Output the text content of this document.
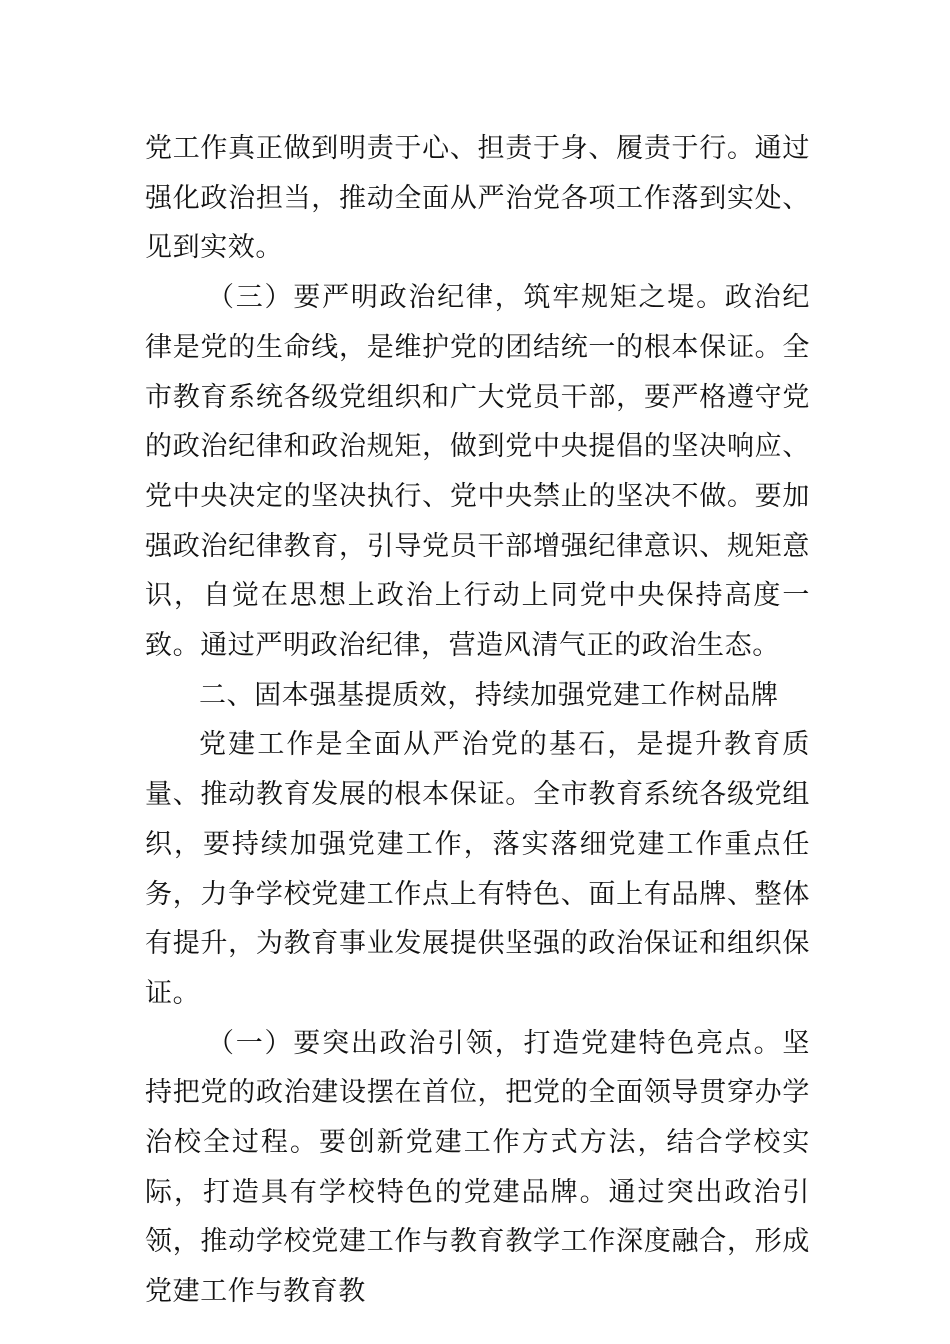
党工作真正做到明责于心、担责于身、履责于行。通过强化政治担当，推动全面从严治党各项工作落到实处、见到实效。

（三）要严明政治纪律，筑牢规矩之堤。政治纪律是党的生命线，是维护党的团结统一的根本保证。全市教育系统各级党组织和广大党员干部，要严格遵守党的政治纪律和政治规矩，做到党中央提倡的坚决响应、党中央决定的坚决执行、党中央禁止的坚决不做。要加强政治纪律教育，引导党员干部增强纪律意识、规矩意识，自觉在思想上政治上行动上同党中央保持高度一致。通过严明政治纪律，营造风清气正的政治生态。

二、固本强基提质效，持续加强党建工作树品牌

党建工作是全面从严治党的基石，是提升教育质量、推动教育发展的根本保证。全市教育系统各级党组织，要持续加强党建工作，落实落细党建工作重点任务，力争学校党建工作点上有特色、面上有品牌、整体有提升，为教育事业发展提供坚强的政治保证和组织保证。

（一）要突出政治引领，打造党建特色亮点。坚持把党的政治建设摆在首位，把党的全面领导贯穿办学治校全过程。要创新党建工作方式方法，结合学校实际，打造具有学校特色的党建品牌。通过突出政治引领，推动学校党建工作与教育教学工作深度融合，形成党建工作与教育教
